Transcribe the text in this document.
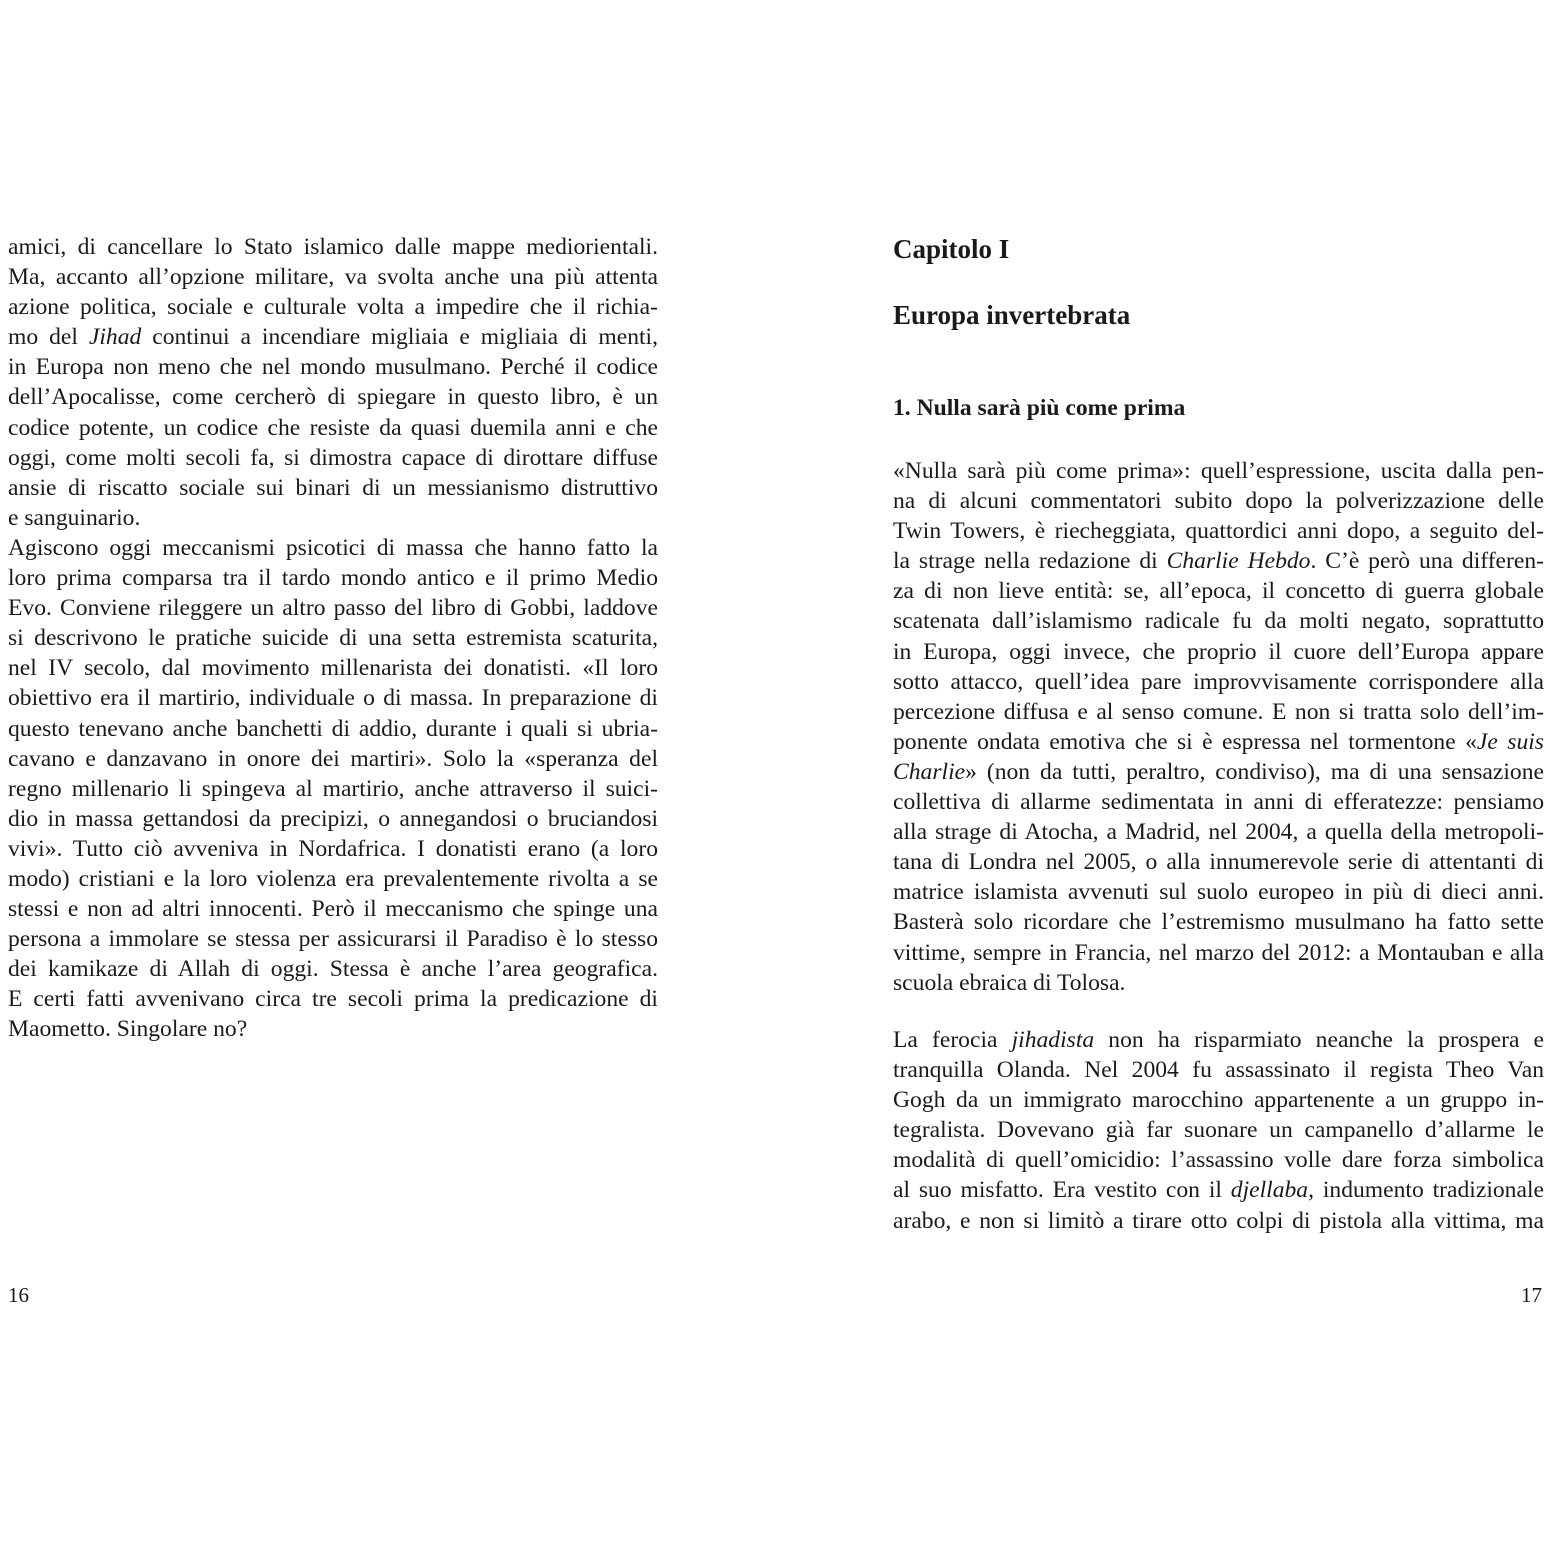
amici, di cancellare lo Stato islamico dalle mappe mediorientali.
Ma, accanto all’opzione militare, va svolta anche una più attenta
azione politica, sociale e culturale volta a impedire che il richia-
mo del Jihad continui a incendiare migliaia e migliaia di menti,
in Europa non meno che nel mondo musulmano. Perché il codice
dell’Apocalisse, come cercherò di spiegare in questo libro, è un
codice potente, un codice che resiste da quasi duemila anni e che
oggi, come molti secoli fa, si dimostra capace di dirottare diffuse
ansie di riscatto sociale sui binari di un messianismo distruttivo
e sanguinario.
Agiscono oggi meccanismi psicotici di massa che hanno fatto la
loro prima comparsa tra il tardo mondo antico e il primo Medio
Evo. Conviene rileggere un altro passo del libro di Gobbi, laddove
si descrivono le pratiche suicide di una setta estremista scaturita,
nel IV secolo, dal movimento millenarista dei donatisti. «Il loro
obiettivo era il martirio, individuale o di massa. In preparazione di
questo tenevano anche banchetti di addio, durante i quali si ubria-
cavano e danzavano in onore dei martiri». Solo la «speranza del
regno millenario li spingeva al martirio, anche attraverso il suici-
dio in massa gettandosi da precipizi, o annegandosi o bruciandosi
vivi». Tutto ciò avveniva in Nordafrica. I donatisti erano (a loro
modo) cristiani e la loro violenza era prevalentemente rivolta a se
stessi e non ad altri innocenti. Però il meccanismo che spinge una
persona a immolare se stessa per assicurarsi il Paradiso è lo stesso
dei kamikaze di Allah di oggi. Stessa è anche l’area geografica.
E certi fatti avvenivano circa tre secoli prima la predicazione di
Maometto. Singolare no?
16
Capitolo I
Europa invertebrata
1. Nulla sarà più come prima
«Nulla sarà più come prima»: quell’espressione, uscita dalla pen-
na di alcuni commentatori subito dopo la polverizzazione delle
Twin Towers, è riecheggiata, quattordici anni dopo, a seguito del-
la strage nella redazione di Charlie Hebdo. C’è però una differen-
za di non lieve entità: se, all’epoca, il concetto di guerra globale
scatenata dall’islamismo radicale fu da molti negato, soprattutto
in Europa, oggi invece, che proprio il cuore dell’Europa appare
sotto attacco, quell’idea pare improvvisamente corrispondere alla
percezione diffusa e al senso comune. E non si tratta solo dell’im-
ponente ondata emotiva che si è espressa nel tormentone «Je suis
Charlie» (non da tutti, peraltro, condiviso), ma di una sensazione
collettiva di allarme sedimentata in anni di efferatezze: pensiamo
alla strage di Atocha, a Madrid, nel 2004, a quella della metropoli-
tana di Londra nel 2005, o alla innumerevole serie di attentanti di
matrice islamista avvenuti sul suolo europeo in più di dieci anni.
Basterà solo ricordare che l’estremismo musulmano ha fatto sette
vittime, sempre in Francia, nel marzo del 2012: a Montauban e alla
scuola ebraica di Tolosa.
La ferocia jihadista non ha risparmiato neanche la prospera e
tranquilla Olanda. Nel 2004 fu assassinato il regista Theo Van
Gogh da un immigrato marocchino appartenente a un gruppo in-
tegralista. Dovevano già far suonare un campanello d’allarme le
modalità di quell’omicidio: l’assassino volle dare forza simbolica
al suo misfatto. Era vestito con il djellaba, indumento tradizionale
arabo, e non si limitò a tirare otto colpi di pistola alla vittima, ma
17
